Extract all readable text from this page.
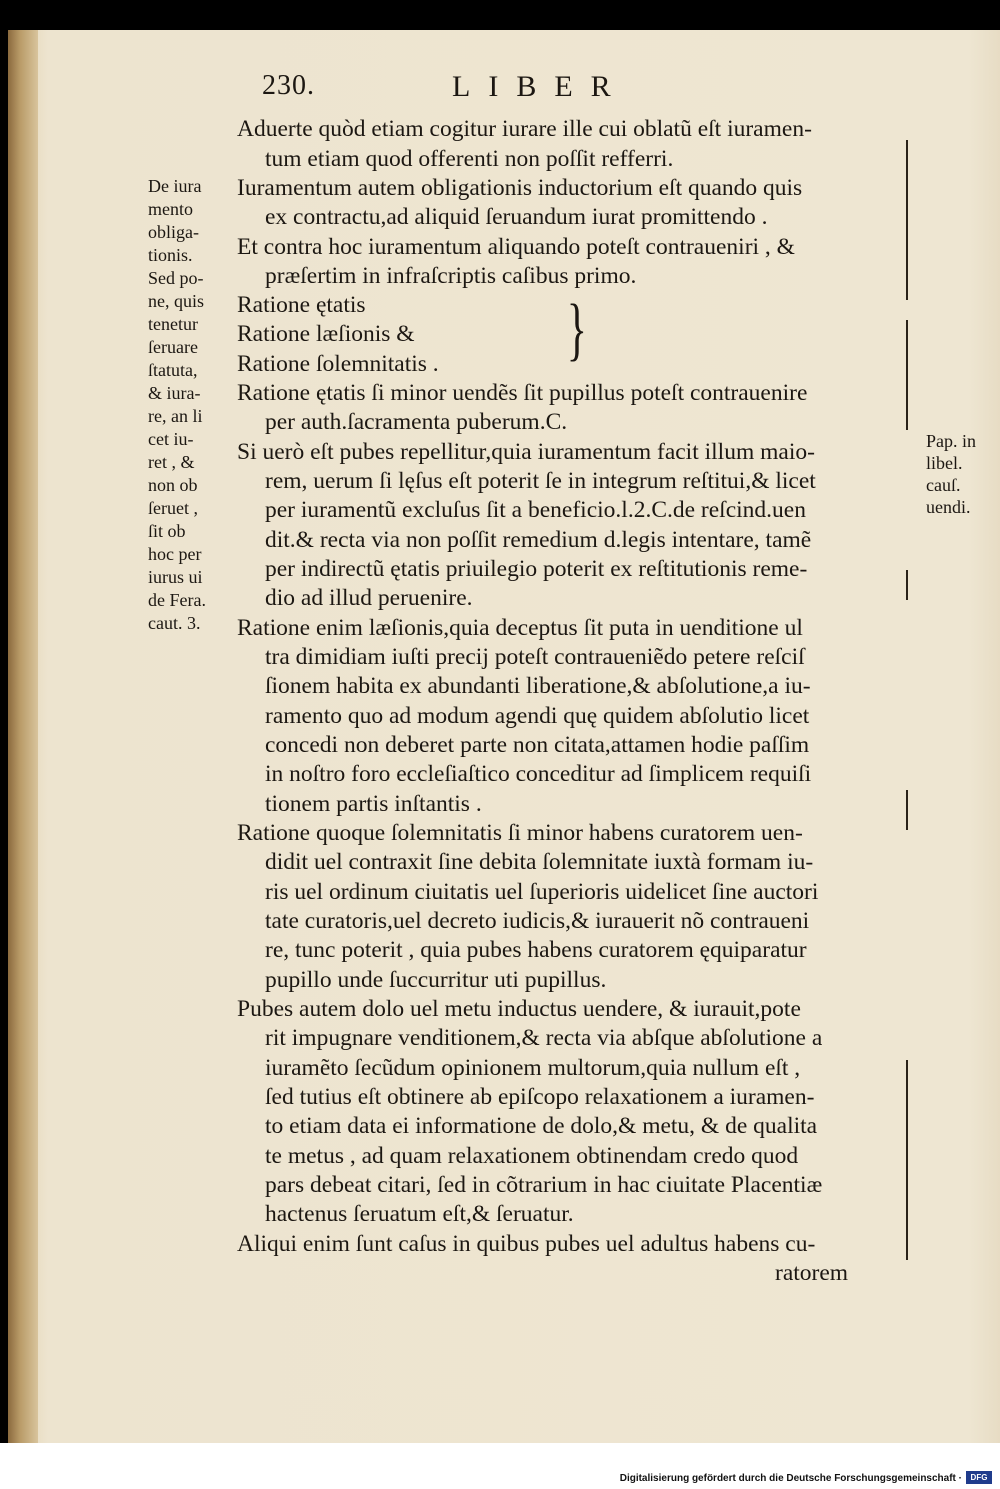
230.	LIBER
Aduerte quòd etiam cogitur iurare ille cui oblatũ eſt iuramen-
tum etiam quod offerenti non poſſit refferri.
Iuramentum autem obligationis inductorium eſt quando quis
ex contractu,ad aliquid ſeruandum iurat promittendo .
Et contra hoc iuramentum aliquando poteſt contraueniri , &
præſertim in infraſcriptis caſibus primo.
Ratione ętatis
Ratione læſionis &
Ratione ſolemnitatis .
Ratione ętatis ſi minor uendẽs ſit pupillus poteſt contrauenire
per auth.ſacramenta puberum.C.
Si uerò eſt pubes repellitur,quia iuramentum facit illum maio-
rem, uerum ſi lęſus eſt poterit ſe in integrum reſtitui,& licet
per iuramentũ excluſus ſit a beneficio.l.2.C.de reſcind.uen
dit.& recta via non poſſit remedium d.legis intentare, tamẽ
per indirectũ ętatis priuilegio poterit ex reſtitutionis reme-
dio ad illud peruenire.
Ratione enim læſionis,quia deceptus ſit puta in uenditione ul
tra dimidiam iuſti precij poteſt contraueniẽdo petere reſciſ
ſionem habita ex abundanti liberatione,& abſolutione,a iu-
ramento quo ad modum agendi quę quidem abſolutio licet
concedi non deberet parte non citata,attamen hodie paſſim
in noſtro foro eccleſiaſtico conceditur ad ſimplicem requiſi
tionem partis inſtantis .
Ratione quoque ſolemnitatis ſi minor habens curatorem uen-
didit uel contraxit ſine debita ſolemnitate iuxtà formam iu-
ris uel ordinum ciuitatis uel ſuperioris uidelicet ſine auctori
tate curatoris,uel decreto iudicis,& iurauerit nõ contraueni
re, tunc poterit , quia pubes habens curatorem ęquiparatur
pupillo unde ſuccurritur uti pupillus.
Pubes autem dolo uel metu inductus uendere, & iurauit,pote
rit impugnare venditionem,& recta via abſque abſolutione a
iuramẽto ſecũdum opinionem multorum,quia nullum eſt ,
ſed tutius eſt obtinere ab epiſcopo relaxationem a iuramen-
to etiam data ei informatione de dolo,& metu, & de qualita
te metus , ad quam relaxationem obtinendam credo quod
pars debeat citari, ſed in cõtrarium in hac ciuitate Placentiæ
hactenus ſeruatum eſt,& ſeruatur.
Aliqui enim ſunt caſus in quibus pubes uel adultus habens cu-
ratorem
}
De iura
mento
obliga-
tionis.
Sed po-
ne, quis
tenetur
ſeruare
ſtatuta,
& iura-
re, an li
cet iu-
ret , &
non ob
ſeruet ,
ſit ob
hoc per
iurus ui
de Fera.
caut. 3.
Pap. in
libel.
cauſ.
uendi.
Digitalisierung gefördert durch die Deutsche Forschungsgemeinschaft ·	DFG
